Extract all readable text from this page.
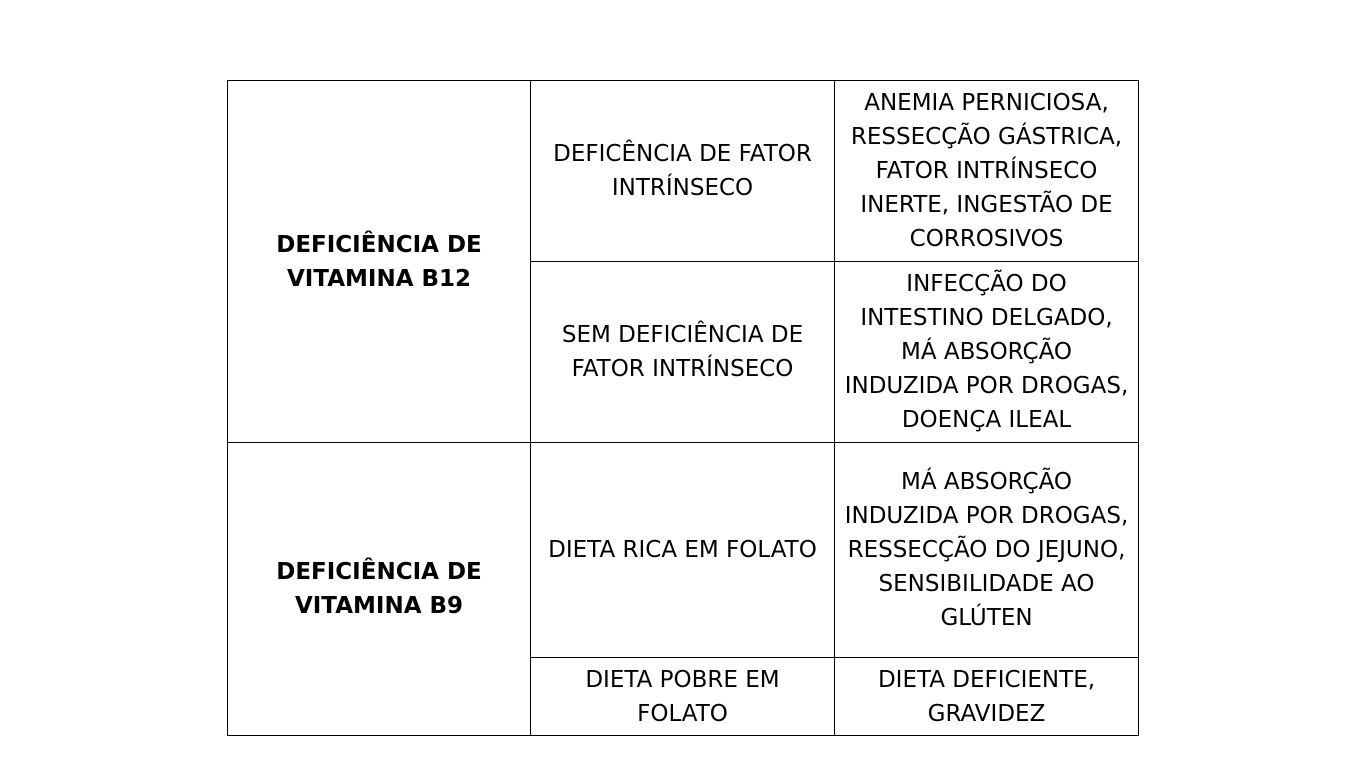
DEFICIÊNCIA DE VITAMINA B12	DEFICÊNCIA DE FATOR INTRÍNSECO	ANEMIA PERNICIOSA, RESSECÇÃO GÁSTRICA, FATOR INTRÍNSECO INERTE, INGESTÃO DE CORROSIVOS
	SEM DEFICIÊNCIA DE FATOR INTRÍNSECO	INFECÇÃO DO INTESTINO DELGADO, MÁ ABSORÇÃO INDUZIDA POR DROGAS, DOENÇA ILEAL
DEFICIÊNCIA DE VITAMINA B9	DIETA RICA EM FOLATO	MÁ ABSORÇÃO INDUZIDA POR DROGAS, RESSECÇÃO DO JEJUNO, SENSIBILIDADE AO GLÚTEN
	DIETA POBRE EM FOLATO	DIETA DEFICIENTE, GRAVIDEZ
